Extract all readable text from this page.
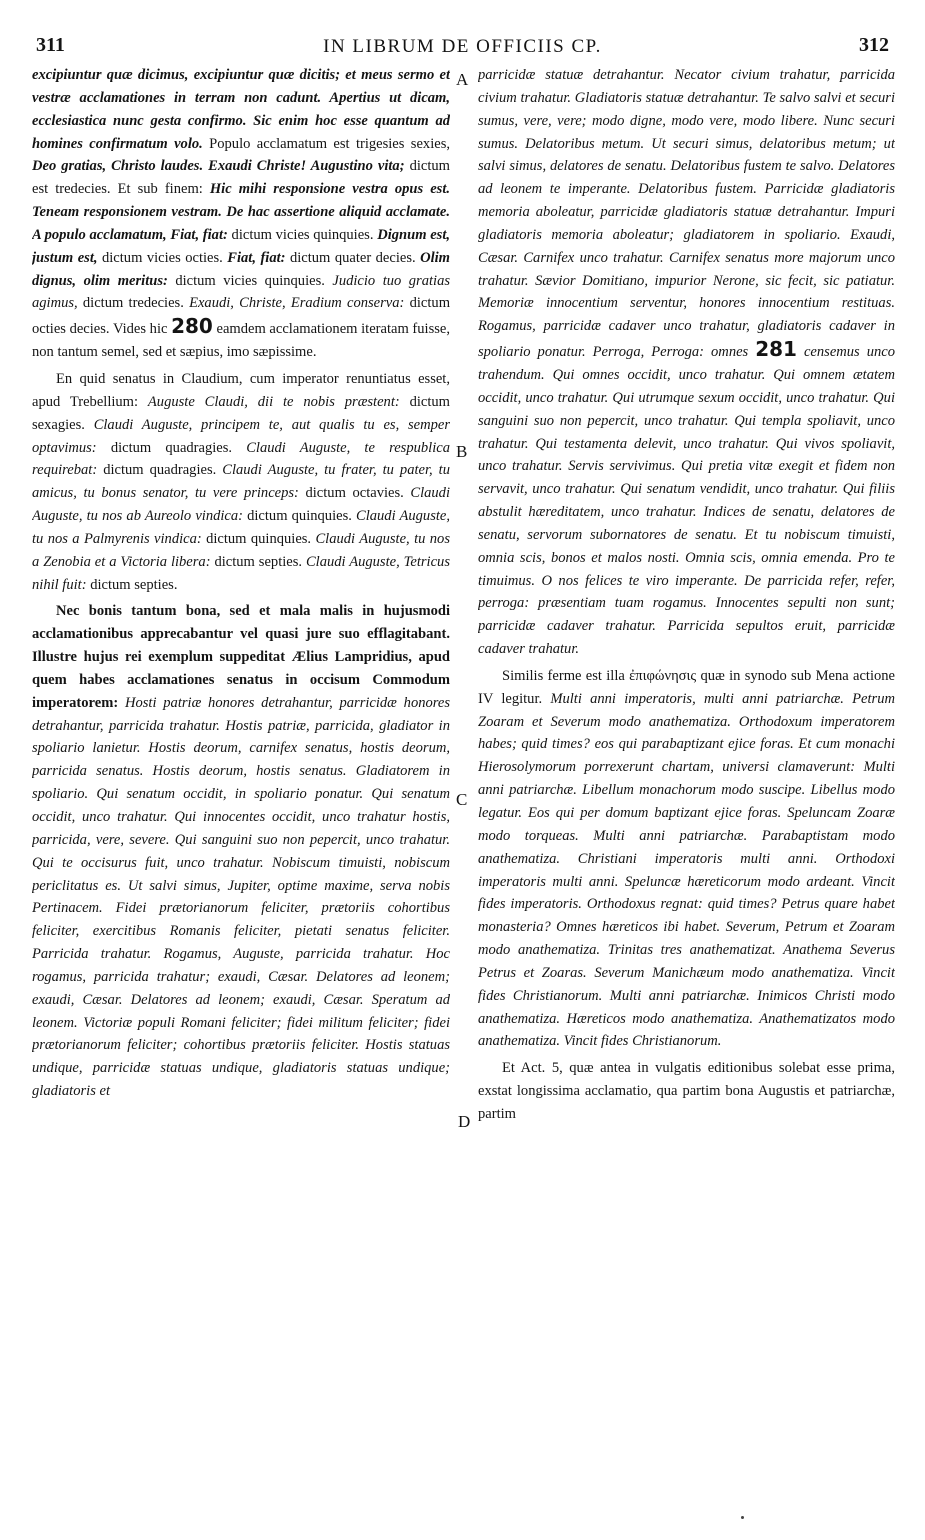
311	IN LIBRUM DE OFFICIIS CP.	312
A
B
C
D

excipiuntur quæ dicimus, excipiuntur quæ dicitis; et meus sermo et vestræ acclamationes in terram non cadunt. Apertius ut dicam, ecclesiastica nunc gesta confirmo. Sic enim hoc esse quantum ad homines confirmatum volo. Populo acclamatum est trigesies sexies, Deo gratias, Christo laudes. Exaudi Christe! Augustino vita; dictum est tredecies. Et sub finem: Hic mihi responsione vestra opus est. Teneam responsionem vestram. De hac assertione aliquid acclamate. A populo acclamatum, Fiat, fiat: dictum vicies quinquies. Dignum est, justum est, dictum vicies octies. Fiat, fiat: dictum quater decies. Olim dignus, olim meritus: dictum vicies quinquies. Judicio tuo gratias agimus, dictum tredecies. Exaudi, Christe, Eradium conserva: dictum octies decies. Vides hic 280 eamdem acclamationem iteratam fuisse, non tantum semel, sed et sæpius, imo sæpissime.

En quid senatus in Claudium, cum imperator renuntiatus esset, apud Trebellium: Auguste Claudi, dii te nobis præstent: dictum sexagies. Claudi Auguste, principem te, aut qualis tu es, semper optavimus: dictum quadragies. Claudi Auguste, te respublica requirebat: dictum quadragies. Claudi Auguste, tu frater, tu pater, tu amicus, tu bonus senator, tu vere princeps: dictum octavies. Claudi Auguste, tu nos ab Aureolo vindica: dictum quinquies. Claudi Auguste, tu nos a Palmyrenis vindica: dictum quinquies. Claudi Auguste, tu nos a Zenobia et a Victoria libera: dictum septies. Claudi Auguste, Tetricus nihil fuit: dictum septies.

Nec bonis tantum bona, sed et mala malis in hujusmodi acclamationibus apprecabantur vel quasi jure suo efflagitabant. Illustre hujus rei exemplum suppeditat Ælius Lampridius, apud quem habes acclamationes senatus in occisum Commodum imperatorem: Hosti patriæ honores detrahantur, parricidæ honores detrahantur, parricida trahatur. Hostis patriæ, parricida, gladiator in spoliario lanietur. Hostis deorum, carnifex senatus, hostis deorum, parricida senatus. Hostis deorum, hostis senatus. Gladiatorem in spoliario. Qui senatum occidit, in spoliario ponatur. Qui senatum occidit, unco trahatur. Qui innocentes occidit, unco trahatur hostis, parricida, vere, severe. Qui sanguini suo non pepercit, unco trahatur. Qui te occisurus fuit, unco trahatur. Nobiscum timuisti, nobiscum periclitatus es. Ut salvi simus, Jupiter, optime maxime, serva nobis Pertinacem. Fidei prætorianorum feliciter, prætoriis cohortibus feliciter, exercitibus Romanis feliciter, pietati senatus feliciter. Parricida trahatur. Rogamus, Auguste, parricida trahatur. Hoc rogamus, parricida trahatur; exaudi, Cæsar. Delatores ad leonem; exaudi, Cæsar. Delatores ad leonem; exaudi, Cæsar. Speratum ad leonem. Victoriæ populi Romani feliciter; fidei militum feliciter; fidei prætorianorum feliciter; cohortibus prætoriis feliciter. Hostis statuas undique, parricidæ statuas undique, gladiatoris statuas undique; gladiatoris et

parricidæ statuæ detrahantur. Necator civium trahatur, parricida civium trahatur. Gladiatoris statuæ detrahantur. Te salvo salvi et securi sumus, vere, vere; modo digne, modo vere, modo libere. Nunc securi sumus. Delatoribus metum. Ut securi simus, delatoribus metum; ut salvi simus, delatores de senatu. Delatoribus fustem te salvo. Delatores ad leonem te imperante. Delatoribus fustem. Parricidæ gladiatoris memoria aboleatur, parricidæ gladiatoris statuæ detrahantur. Impuri gladiatoris memoria aboleatur; gladiatorem in spoliario. Exaudi, Cæsar. Carnifex unco trahatur. Carnifex senatus more majorum unco trahatur. Sævior Domitiano, impurior Nerone, sic fecit, sic patiatur. Memoriæ innocentium serventur, honores innocentium restituas. Rogamus, parricidæ cadaver unco trahatur, gladiatoris cadaver in spoliario ponatur. Perroga, Perroga: omnes 281 censemus unco trahendum. Qui omnes occidit, unco trahatur. Qui omnem ætatem occidit, unco trahatur. Qui utrumque sexum occidit, unco trahatur. Qui sanguini suo non pepercit, unco trahatur. Qui templa spoliavit, unco trahatur. Qui testamenta delevit, unco trahatur. Qui vivos spoliavit, unco trahatur. Servis servivimus. Qui pretia vitæ exegit et fidem non servavit, unco trahatur. Qui senatum vendidit, unco trahatur. Qui filiis abstulit hæreditatem, unco trahatur. Indices de senatu, delatores de senatu, servorum subornatores de senatu. Et tu nobiscum timuisti, omnia scis, bonos et malos nosti. Omnia scis, omnia emenda. Pro te timuimus. O nos felices te viro imperante. De parricida refer, refer, perroga: præsentiam tuam rogamus. Innocentes sepulti non sunt; parricidæ cadaver trahatur. Parricida sepultos eruit, parricidæ cadaver trahatur.

Similis ferme est illa ἐπιφώνησις quæ in synodo sub Mena actione IV legitur. Multi anni imperatoris, multi anni patriarchæ. Petrum Zoaram et Severum modo anathematiza. Orthodoxum imperatorem habes; quid times? eos qui parabaptizant ejice foras. Et cum monachi Hierosolymorum porrexerunt chartam, universi clamaverunt: Multi anni patriarchæ. Libellum monachorum modo suscipe. Libellus modo legatur. Eos qui per domum baptizant ejice foras. Speluncam Zoaræ modo torqueas. Multi anni patriarchæ. Parabaptistam modo anathematiza. Christiani imperatoris multi anni. Orthodoxi imperatoris multi anni. Speluncæ hæreticorum modo ardeant. Vincit fides imperatoris. Orthodoxus regnat: quid times? Petrus quare habet monasteria? Omnes hæreticos ibi habet. Severum, Petrum et Zoaram modo anathematiza. Trinitas tres anathematizat. Anathema Severus Petrus et Zoaras. Severum Manichæum modo anathematiza. Vincit fides Christianorum. Multi anni patriarchæ. Inimicos Christi modo anathematiza. Hæreticos modo anathematiza. Anathematizatos modo anathematiza. Vincit fides Christianorum.

Et Act. 5, quæ antea in vulgatis editionibus solebat esse prima, exstat longissima acclamatio, qua partim bona Augustis et patriarchæ, partim
